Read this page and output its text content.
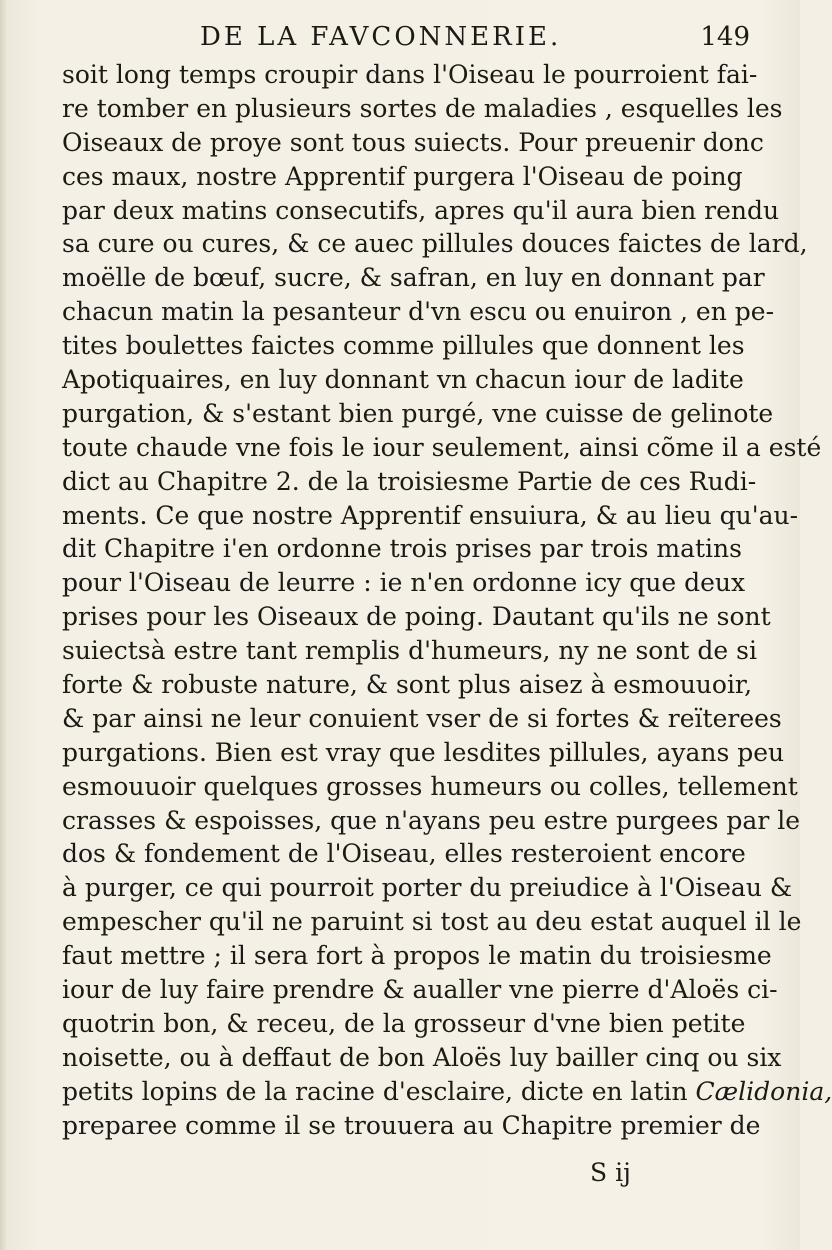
DE LA FAVCONNERIE.	149
soit long temps croupir dans l'Oiseau le pourroient fai-
re tomber en plusieurs sortes de maladies , esquelles les
Oiseaux de proye sont tous suiects. Pour preuenir donc
ces maux, nostre Apprentif purgera l'Oiseau de poing
par deux matins consecutifs, apres qu'il aura bien rendu
sa cure ou cures, & ce auec pillules douces faictes de lard,
moëlle de bœuf, sucre, & safran, en luy en donnant par
chacun matin la pesanteur d'vn escu ou enuiron , en pe-
tites boulettes faictes comme pillules que donnent les
Apotiquaires, en luy donnant vn chacun iour de ladite
purgation, & s'estant bien purgé, vne cuisse de gelinote
toute chaude vne fois le iour seulement, ainsi cõme il a esté
dict au Chapitre 2. de la troisiesme Partie de ces Rudi-
ments. Ce que nostre Apprentif ensuiura, & au lieu qu'au-
dit Chapitre i'en ordonne trois prises par trois matins
pour l'Oiseau de leurre : ie n'en ordonne icy que deux
prises pour les Oiseaux de poing. Dautant qu'ils ne sont
suiectsà estre tant remplis d'humeurs, ny ne sont de si
forte & robuste nature, & sont plus aisez à esmouuoir,
& par ainsi ne leur conuient vser de si fortes & reïterees
purgations. Bien est vray que lesdites pillules, ayans peu
esmouuoir quelques grosses humeurs ou colles, tellement
crasses & espoisses, que n'ayans peu estre purgees par le
dos & fondement de l'Oiseau, elles resteroient encore
à purger, ce qui pourroit porter du preiudice à l'Oiseau &
empescher qu'il ne paruint si tost au deu estat auquel il le
faut mettre ; il sera fort à propos le matin du troisiesme
iour de luy faire prendre & aualler vne pierre d'Aloës ci-
quotrin bon, & receu, de la grosseur d'vne bien petite
noisette, ou à deffaut de bon Aloës luy bailler cinq ou six
petits lopins de la racine d'esclaire, dicte en latin Cælidonia,
preparee comme il se trouuera au Chapitre premier de
S ij
